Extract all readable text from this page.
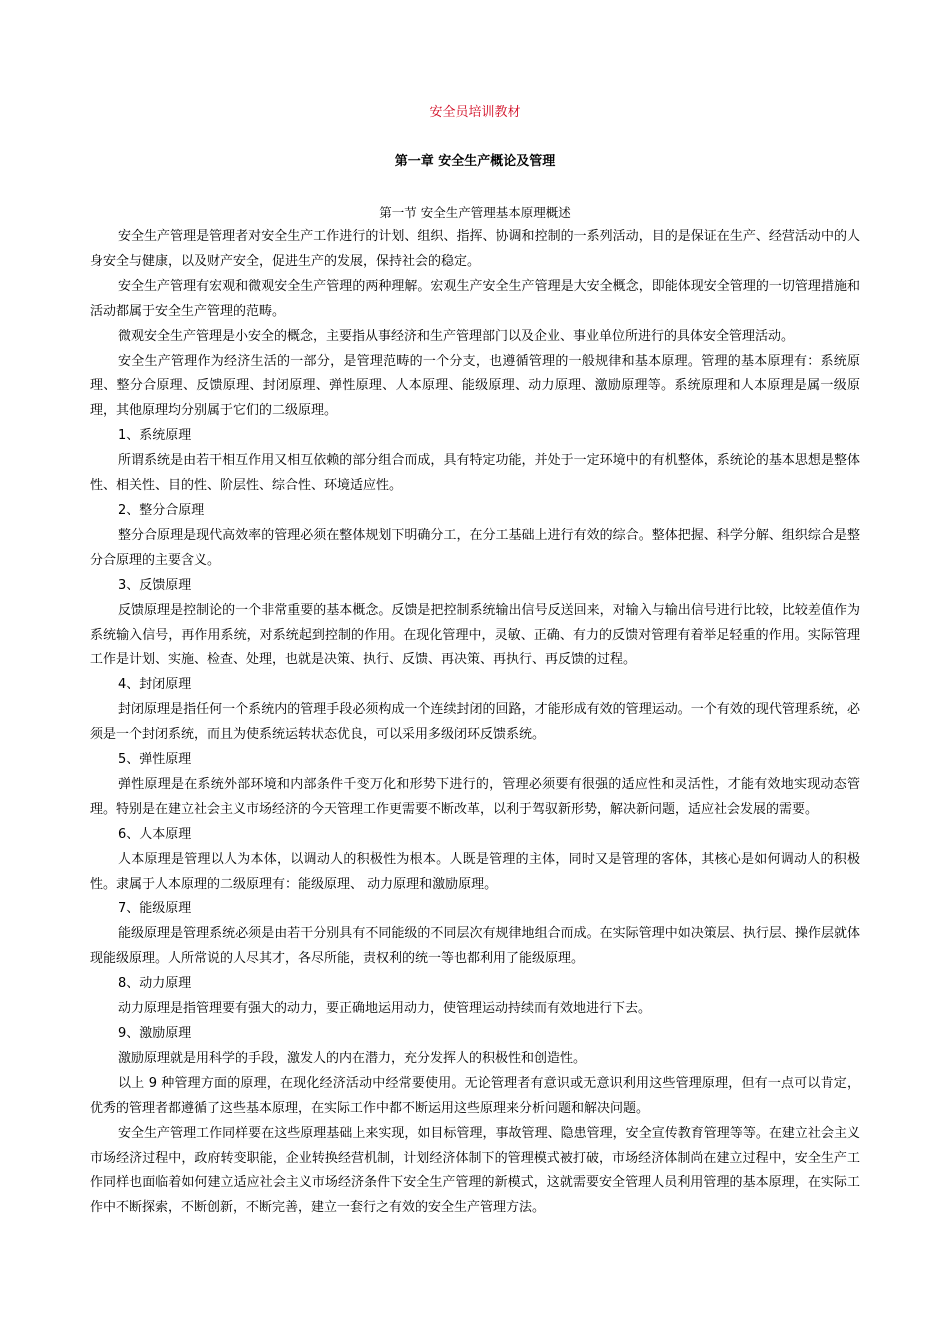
安全员培训教材
第一章 安全生产概论及管理
第一节 安全生产管理基本原理概述

安全生产管理是管理者对安全生产工作进行的计划、组织、指挥、协调和控制的一系列活动，目的是保证在生产、经营活动中的人身安全与健康，以及财产安全，促进生产的发展，保持社会的稳定。

安全生产管理有宏观和微观安全生产管理的两种理解。宏观生产安全生产管理是大安全概念，即能体现安全管理的一切管理措施和活动都属于安全生产管理的范畴。

微观安全生产管理是小安全的概念，主要指从事经济和生产管理部门以及企业、事业单位所进行的具体安全管理活动。

安全生产管理作为经济生活的一部分，是管理范畴的一个分支，也遵循管理的一般规律和基本原理。管理的基本原理有：系统原理、整分合原理、反馈原理、封闭原理、弹性原理、人本原理、能级原理、动力原理、激励原理等。系统原理和人本原理是属一级原理，其他原理均分别属于它们的二级原理。

1、系统原理

所谓系统是由若干相互作用又相互依赖的部分组合而成，具有特定功能，并处于一定环境中的有机整体，系统论的基本思想是整体性、相关性、目的性、阶层性、综合性、环境适应性。

2、整分合原理

整分合原理是现代高效率的管理必须在整体规划下明确分工，在分工基础上进行有效的综合。整体把握、科学分解、组织综合是整分合原理的主要含义。

3、反馈原理

反馈原理是控制论的一个非常重要的基本概念。反馈是把控制系统输出信号反送回来，对输入与输出信号进行比较，比较差值作为系统输入信号，再作用系统，对系统起到控制的作用。在现化管理中，灵敏、正确、有力的反馈对管理有着举足轻重的作用。实际管理工作是计划、实施、检查、处理，也就是决策、执行、反馈、再决策、再执行、再反馈的过程。

4、封闭原理

封闭原理是指任何一个系统内的管理手段必须构成一个连续封闭的回路，才能形成有效的管理运动。一个有效的现代管理系统，必须是一个封闭系统，而且为使系统运转状态优良，可以采用多级闭环反馈系统。

5、弹性原理

弹性原理是在系统外部环境和内部条件千变万化和形势下进行的，管理必须要有很强的适应性和灵活性，才能有效地实现动态管理。特别是在建立社会主义市场经济的今天管理工作更需要不断改革，以利于驾驭新形势，解决新问题，适应社会发展的需要。

6、人本原理

人本原理是管理以人为本体，以调动人的积极性为根本。人既是管理的主体，同时又是管理的客体，其核心是如何调动人的积极性。隶属于人本原理的二级原理有：能级原理、 动力原理和激励原理。

7、能级原理

能级原理是管理系统必须是由若干分别具有不同能级的不同层次有规律地组合而成。在实际管理中如决策层、执行层、操作层就体现能级原理。人所常说的人尽其才，各尽所能，责权利的统一等也都利用了能级原理。

8、动力原理

动力原理是指管理要有强大的动力，要正确地运用动力，使管理运动持续而有效地进行下去。

9、激励原理

激励原理就是用科学的手段，激发人的内在潜力，充分发挥人的积极性和创造性。

以上 9 种管理方面的原理，在现化经济活动中经常要使用。无论管理者有意识或无意识利用这些管理原理，但有一点可以肯定，优秀的管理者都遵循了这些基本原理，在实际工作中都不断运用这些原理来分析问题和解决问题。

安全生产管理工作同样要在这些原理基础上来实现，如目标管理，事故管理、隐患管理，安全宣传教育管理等等。在建立社会主义市场经济过程中，政府转变职能，企业转换经营机制，计划经济体制下的管理模式被打破，市场经济体制尚在建立过程中，安全生产工作同样也面临着如何建立适应社会主义市场经济条件下安全生产管理的新模式，这就需要安全管理人员利用管理的基本原理，在实际工作中不断探索，不断创新，不断完善，建立一套行之有效的安全生产管理方法。
